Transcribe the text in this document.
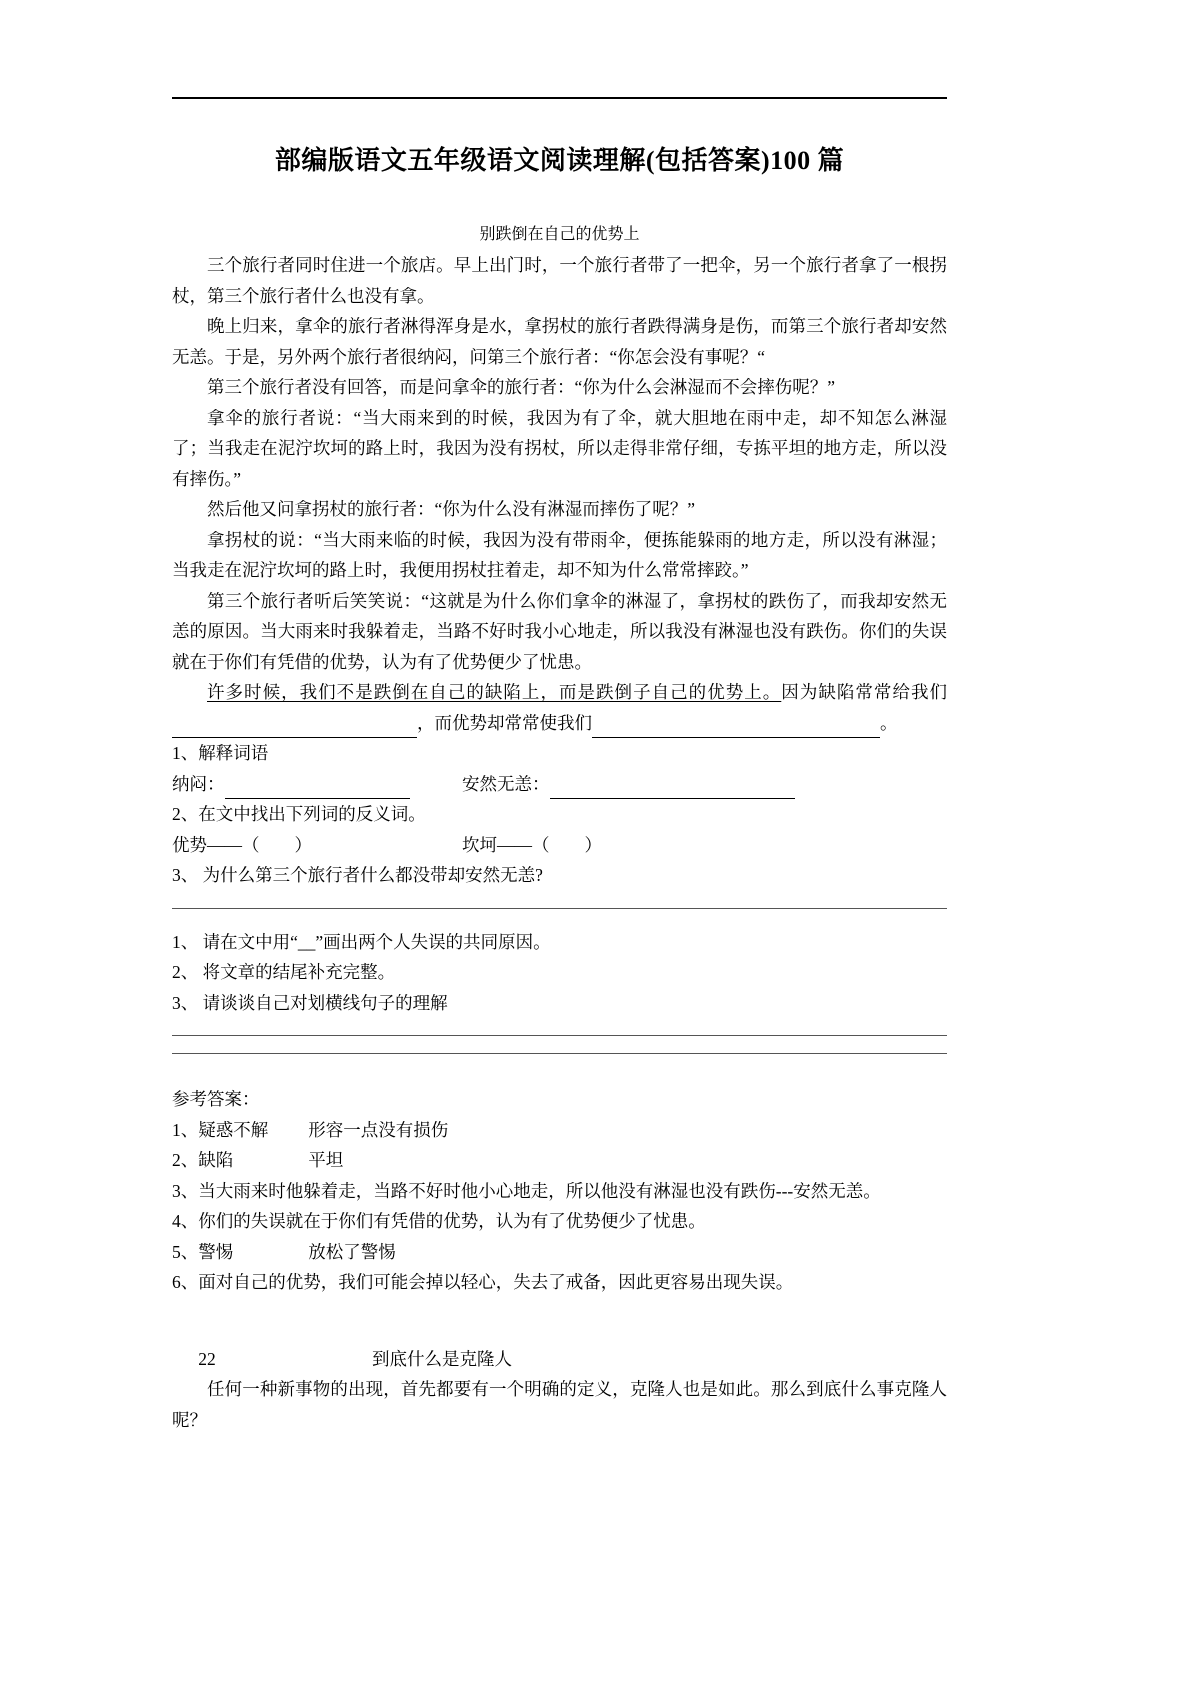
部编版语文五年级语文阅读理解(包括答案)100 篇
别跌倒在自己的优势上

三个旅行者同时住进一个旅店。早上出门时，一个旅行者带了一把伞，另一个旅行者拿了一根拐杖，第三个旅行者什么也没有拿。

晚上归来，拿伞的旅行者淋得浑身是水，拿拐杖的旅行者跌得满身是伤，而第三个旅行者却安然无恙。于是，另外两个旅行者很纳闷，问第三个旅行者：“你怎会没有事呢？“

第三个旅行者没有回答，而是问拿伞的旅行者：“你为什么会淋湿而不会摔伤呢？”

拿伞的旅行者说：“当大雨来到的时候，我因为有了伞，就大胆地在雨中走，却不知怎么淋湿了；当我走在泥泞坎坷的路上时，我因为没有拐杖，所以走得非常仔细，专拣平坦的地方走，所以没有摔伤。”

然后他又问拿拐杖的旅行者：“你为什么没有淋湿而摔伤了呢？”

拿拐杖的说：“当大雨来临的时候，我因为没有带雨伞，便拣能躲雨的地方走，所以没有淋湿；当我走在泥泞坎坷的路上时，我便用拐杖拄着走，却不知为什么常常摔跤。”

第三个旅行者听后笑笑说：“这就是为什么你们拿伞的淋湿了，拿拐杖的跌伤了，而我却安然无恙的原因。当大雨来时我躲着走，当路不好时我小心地走，所以我没有淋湿也没有跌伤。你们的失误就在于你们有凭借的优势，认为有了优势便少了忧患。

许多时候，我们不是跌倒在自己的缺陷上，而是跌倒子自己的优势上。因为缺陷常常给我们，而优势却常常使我们	。

1、解释词语

纳闷：	安然无恙：

2、在文中找出下列词的反义词。

优势——（　　）	坎坷——（　　）

3、 为什么第三个旅行者什么都没带却安然无恙?

1、 请在文中用“__”画出两个人失误的共同原因。

2、 将文章的结尾补充完整。

3、 请谈谈自己对划横线句子的理解

参考答案：

1、疑惑不解 形容一点没有损伤

2、缺陷	平坦

3、当大雨来时他躲着走，当路不好时他小心地走，所以他没有淋湿也没有跌伤---安然无恙。

4、你们的失误就在于你们有凭借的优势，认为有了优势便少了忧患。

5、警惕	放松了警惕

6、面对自己的优势，我们可能会掉以轻心，失去了戒备，因此更容易出现失误。

22	到底什么是克隆人

任何一种新事物的出现，首先都要有一个明确的定义，克隆人也是如此。那么到底什么事克隆人呢？
